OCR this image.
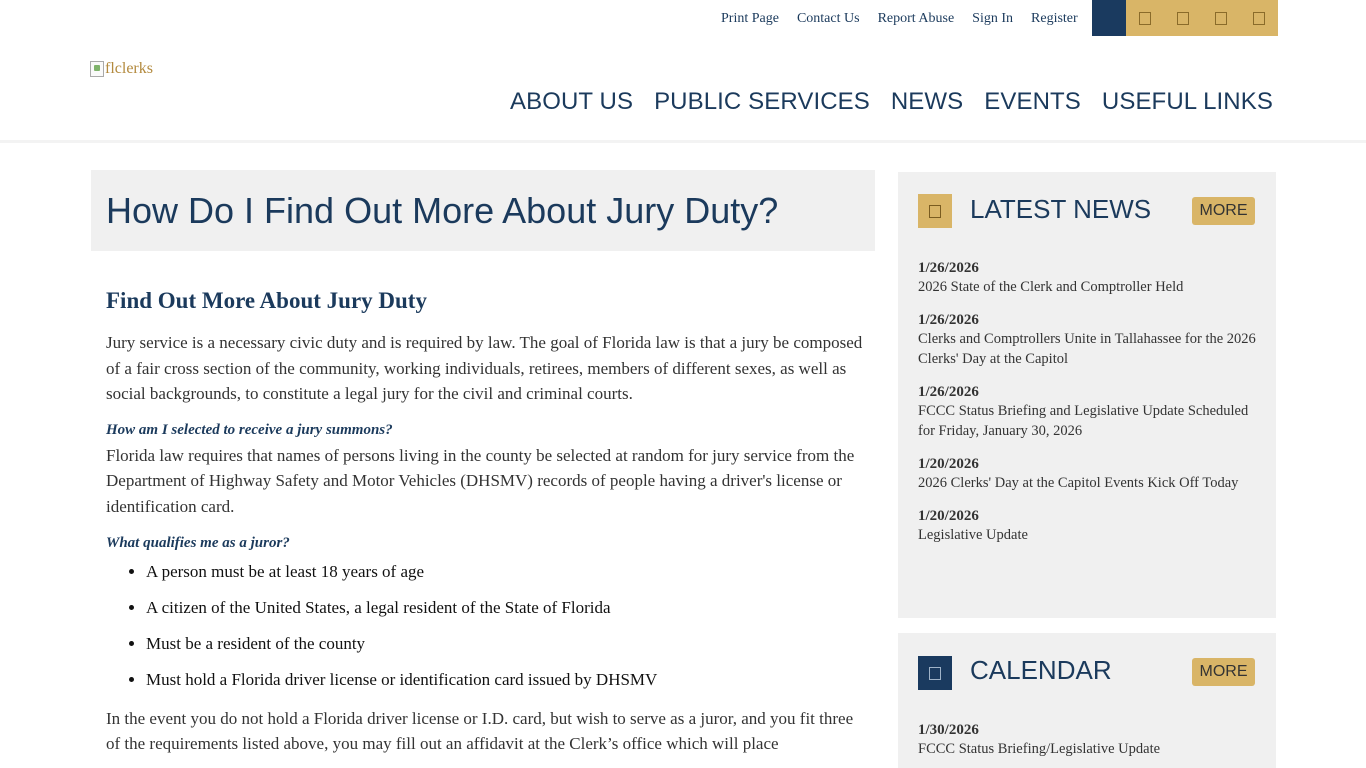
Print Page Contact Us Report Abuse Sign In Register
flclerks
ABOUT US PUBLIC SERVICES NEWS EVENTS USEFUL LINKS
How Do I Find Out More About Jury Duty?
Find Out More About Jury Duty

Jury service is a necessary civic duty and is required by law. The goal of Florida law is that a jury be composed of a fair cross section of the community, working individuals, retirees, members of different sexes, as well as social backgrounds, to constitute a legal jury for the civil and criminal courts.

How am I selected to receive a jury summons?

Florida law requires that names of persons living in the county be selected at random for jury service from the Department of Highway Safety and Motor Vehicles (DHSMV) records of people having a driver's license or identification card.

What qualifies me as a juror?

• A person must be at least 18 years of age
• A citizen of the United States, a legal resident of the State of Florida
• Must be a resident of the county
• Must hold a Florida driver license or identification card issued by DHSMV

In the event you do not hold a Florida driver license or I.D. card, but wish to serve as a juror, and you fit three of the requirements listed above, you may fill out an affidavit at the Clerk’s office which will place

LATEST NEWS	MORE
1/26/2026
2026 State of the Clerk and Comptroller Held
1/26/2026
Clerks and Comptrollers Unite in Tallahassee for the 2026 Clerks' Day at the Capitol
1/26/2026
FCCC Status Briefing and Legislative Update Scheduled for Friday, January 30, 2026
1/20/2026
2026 Clerks' Day at the Capitol Events Kick Off Today
1/20/2026
Legislative Update
CALENDAR	MORE
1/30/2026
FCCC Status Briefing/Legislative Update
